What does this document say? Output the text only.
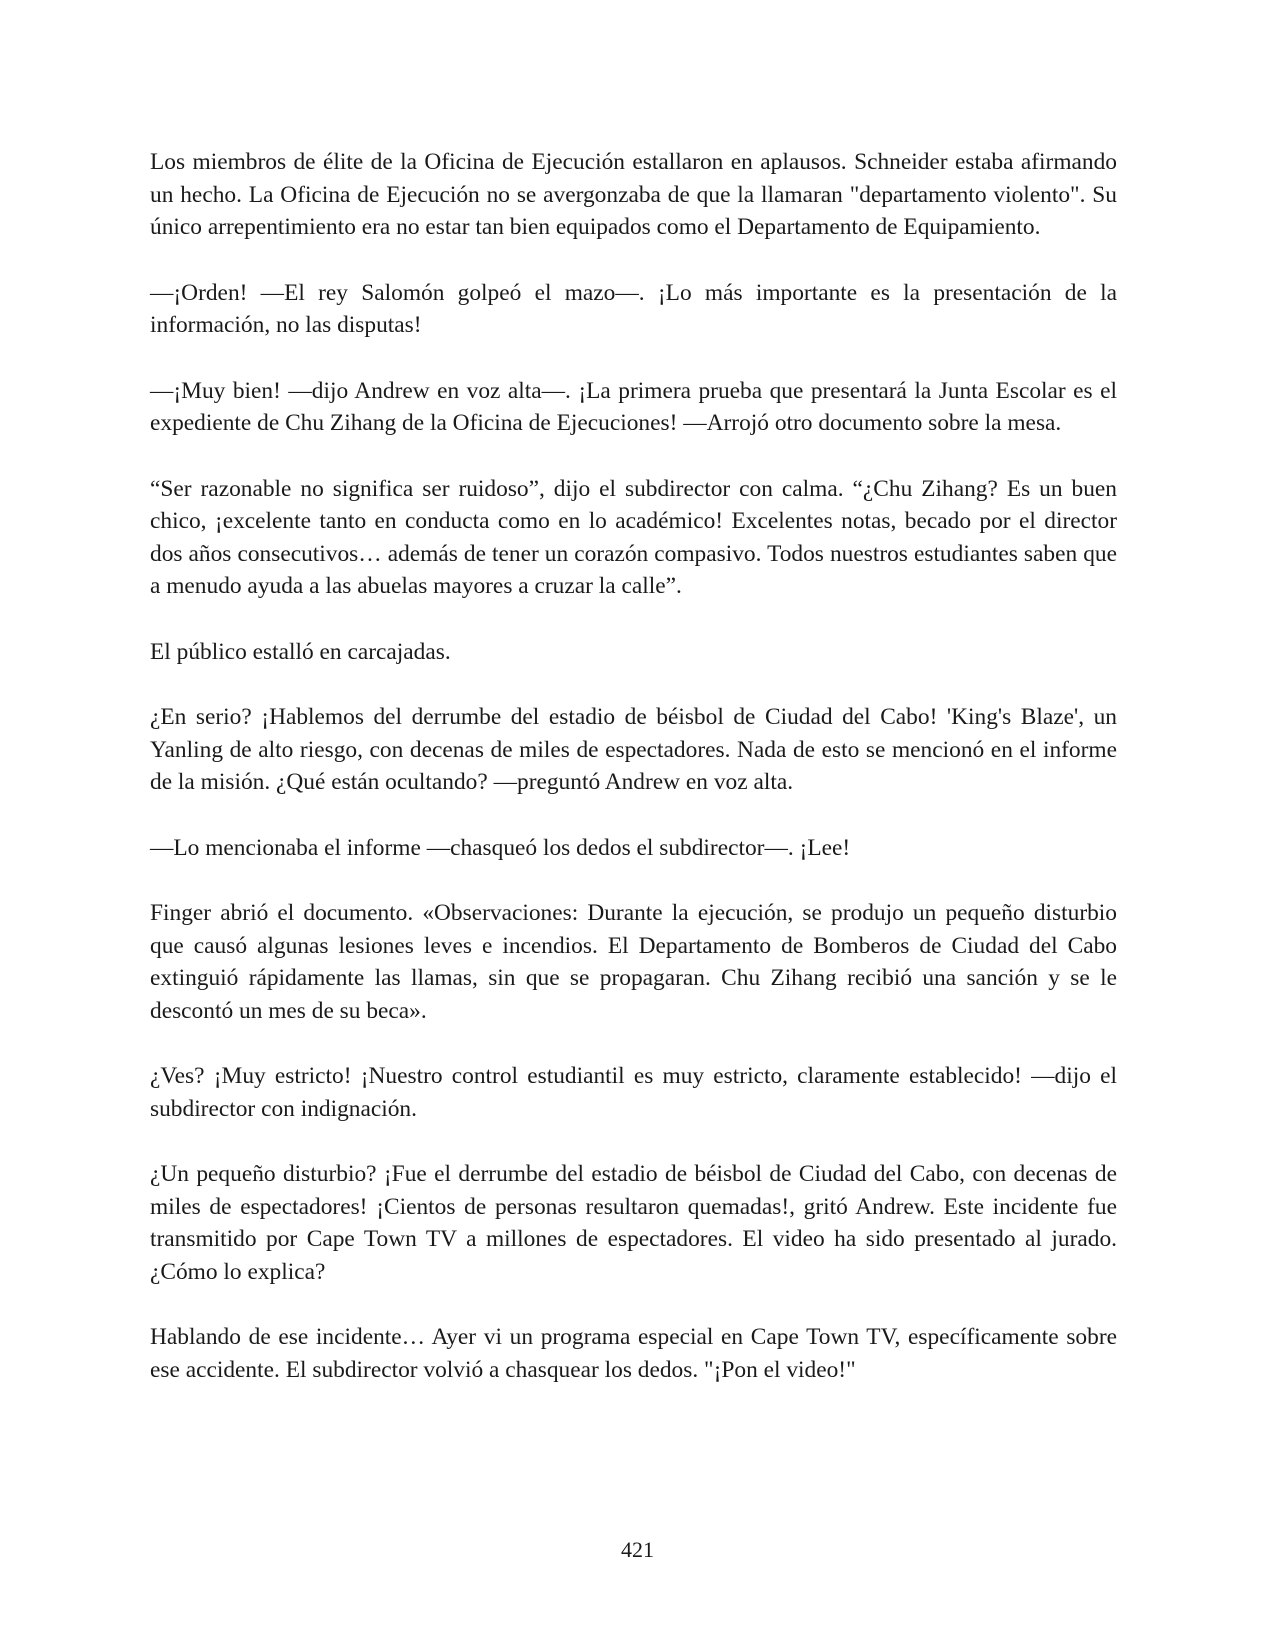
Los miembros de élite de la Oficina de Ejecución estallaron en aplausos. Schneider estaba afirmando un hecho. La Oficina de Ejecución no se avergonzaba de que la llamaran "departamento violento". Su único arrepentimiento era no estar tan bien equipados como el Departamento de Equipamiento.

—¡Orden! —El rey Salomón golpeó el mazo—. ¡Lo más importante es la presentación de la información, no las disputas!

—¡Muy bien! —dijo Andrew en voz alta—. ¡La primera prueba que presentará la Junta Escolar es el expediente de Chu Zihang de la Oficina de Ejecuciones! —Arrojó otro documento sobre la mesa.

“Ser razonable no significa ser ruidoso”, dijo el subdirector con calma. “¿Chu Zihang? Es un buen chico, ¡excelente tanto en conducta como en lo académico! Excelentes notas, becado por el director dos años consecutivos… además de tener un corazón compasivo. Todos nuestros estudiantes saben que a menudo ayuda a las abuelas mayores a cruzar la calle”.

El público estalló en carcajadas.

¿En serio? ¡Hablemos del derrumbe del estadio de béisbol de Ciudad del Cabo! 'King's Blaze', un Yanling de alto riesgo, con decenas de miles de espectadores. Nada de esto se mencionó en el informe de la misión. ¿Qué están ocultando? —preguntó Andrew en voz alta.

—Lo mencionaba el informe —chasqueó los dedos el subdirector—. ¡Lee!

Finger abrió el documento. «Observaciones: Durante la ejecución, se produjo un pequeño disturbio que causó algunas lesiones leves e incendios. El Departamento de Bomberos de Ciudad del Cabo extinguió rápidamente las llamas, sin que se propagaran. Chu Zihang recibió una sanción y se le descontó un mes de su beca».

¿Ves? ¡Muy estricto! ¡Nuestro control estudiantil es muy estricto, claramente establecido! —dijo el subdirector con indignación.

¿Un pequeño disturbio? ¡Fue el derrumbe del estadio de béisbol de Ciudad del Cabo, con decenas de miles de espectadores! ¡Cientos de personas resultaron quemadas!, gritó Andrew. Este incidente fue transmitido por Cape Town TV a millones de espectadores. El video ha sido presentado al jurado. ¿Cómo lo explica?

Hablando de ese incidente… Ayer vi un programa especial en Cape Town TV, específicamente sobre ese accidente. El subdirector volvió a chasquear los dedos. "¡Pon el video!"

421
